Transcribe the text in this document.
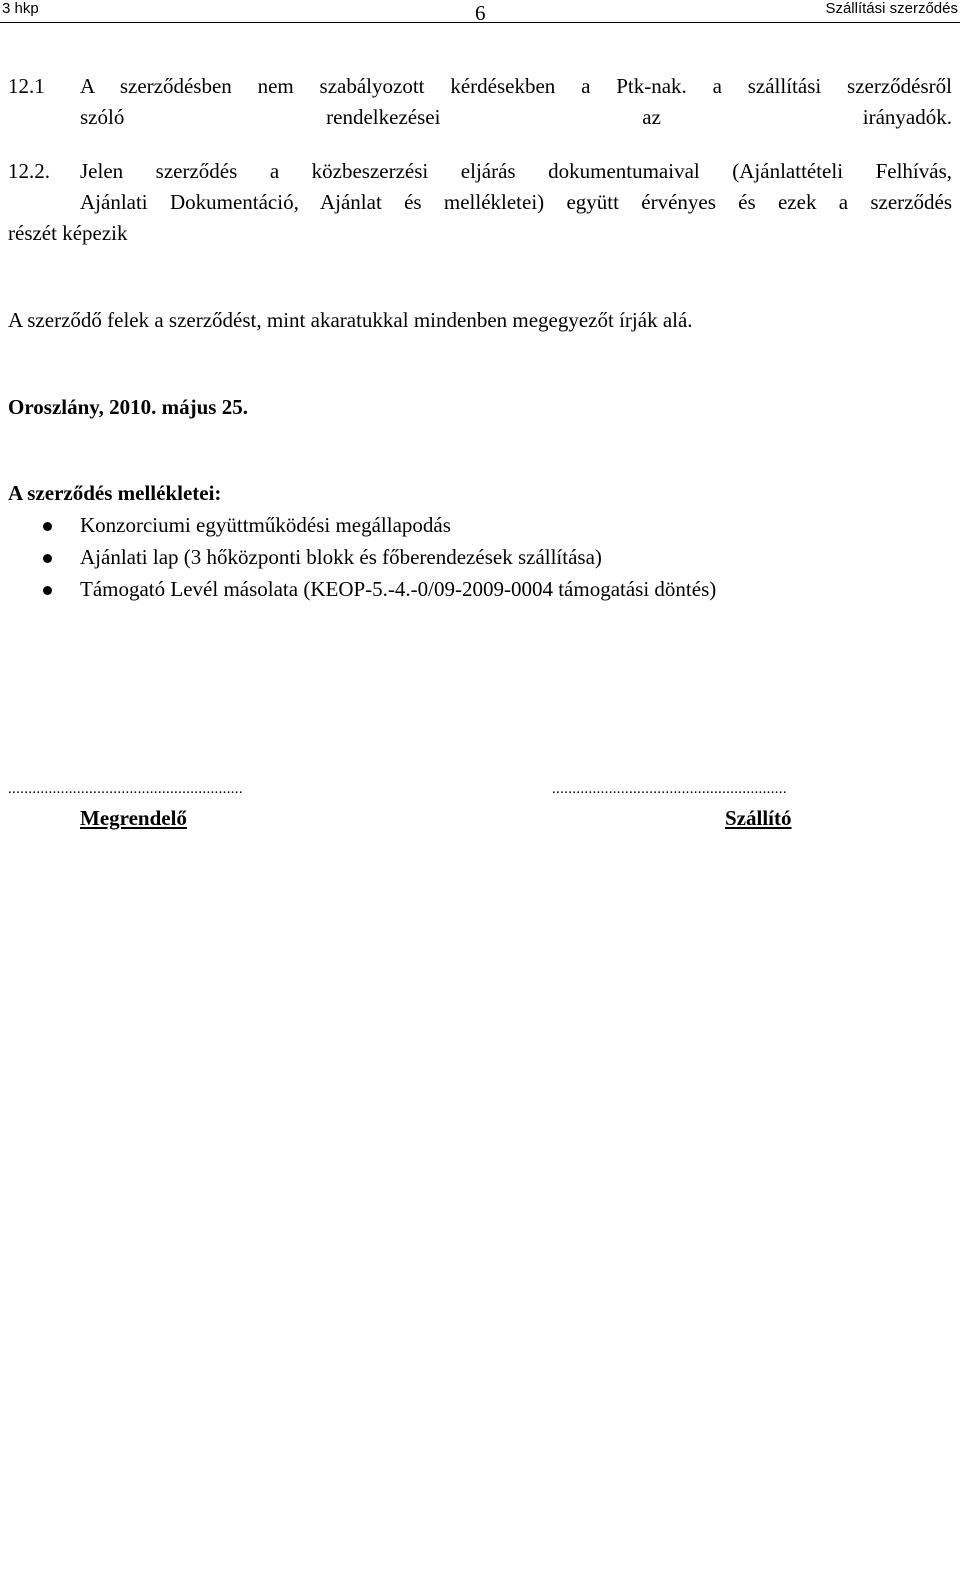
3 hkp	6	Szállítási szerződés
12.1 A szerződésben nem szabályozott kérdésekben a Ptk-nak. a szállítási szerződésről
szóló rendelkezései az irányadók.
12.2. Jelen szerződés a közbeszerzési eljárás dokumentumaival (Ajánlattételi Felhívás,
Ajánlati Dokumentáció, Ajánlat és mellékletei) együtt érvényes és ezek a szerződés
részét képezik
A szerződő felek a szerződést, mint akaratukkal mindenben megegyezőt írják alá.
Oroszlány, 2010. május 25.
A szerződés mellékletei:
Konzorciumi együttműködési megállapodás
Ajánlati lap (3 hőközponti blokk és főberendezések szállítása)
Támogató Levél másolata (KEOP-5.-4.-0/09-2009-0004 támogatási döntés)
..........................................................
Megrendelő
..........................................................
Szállító
